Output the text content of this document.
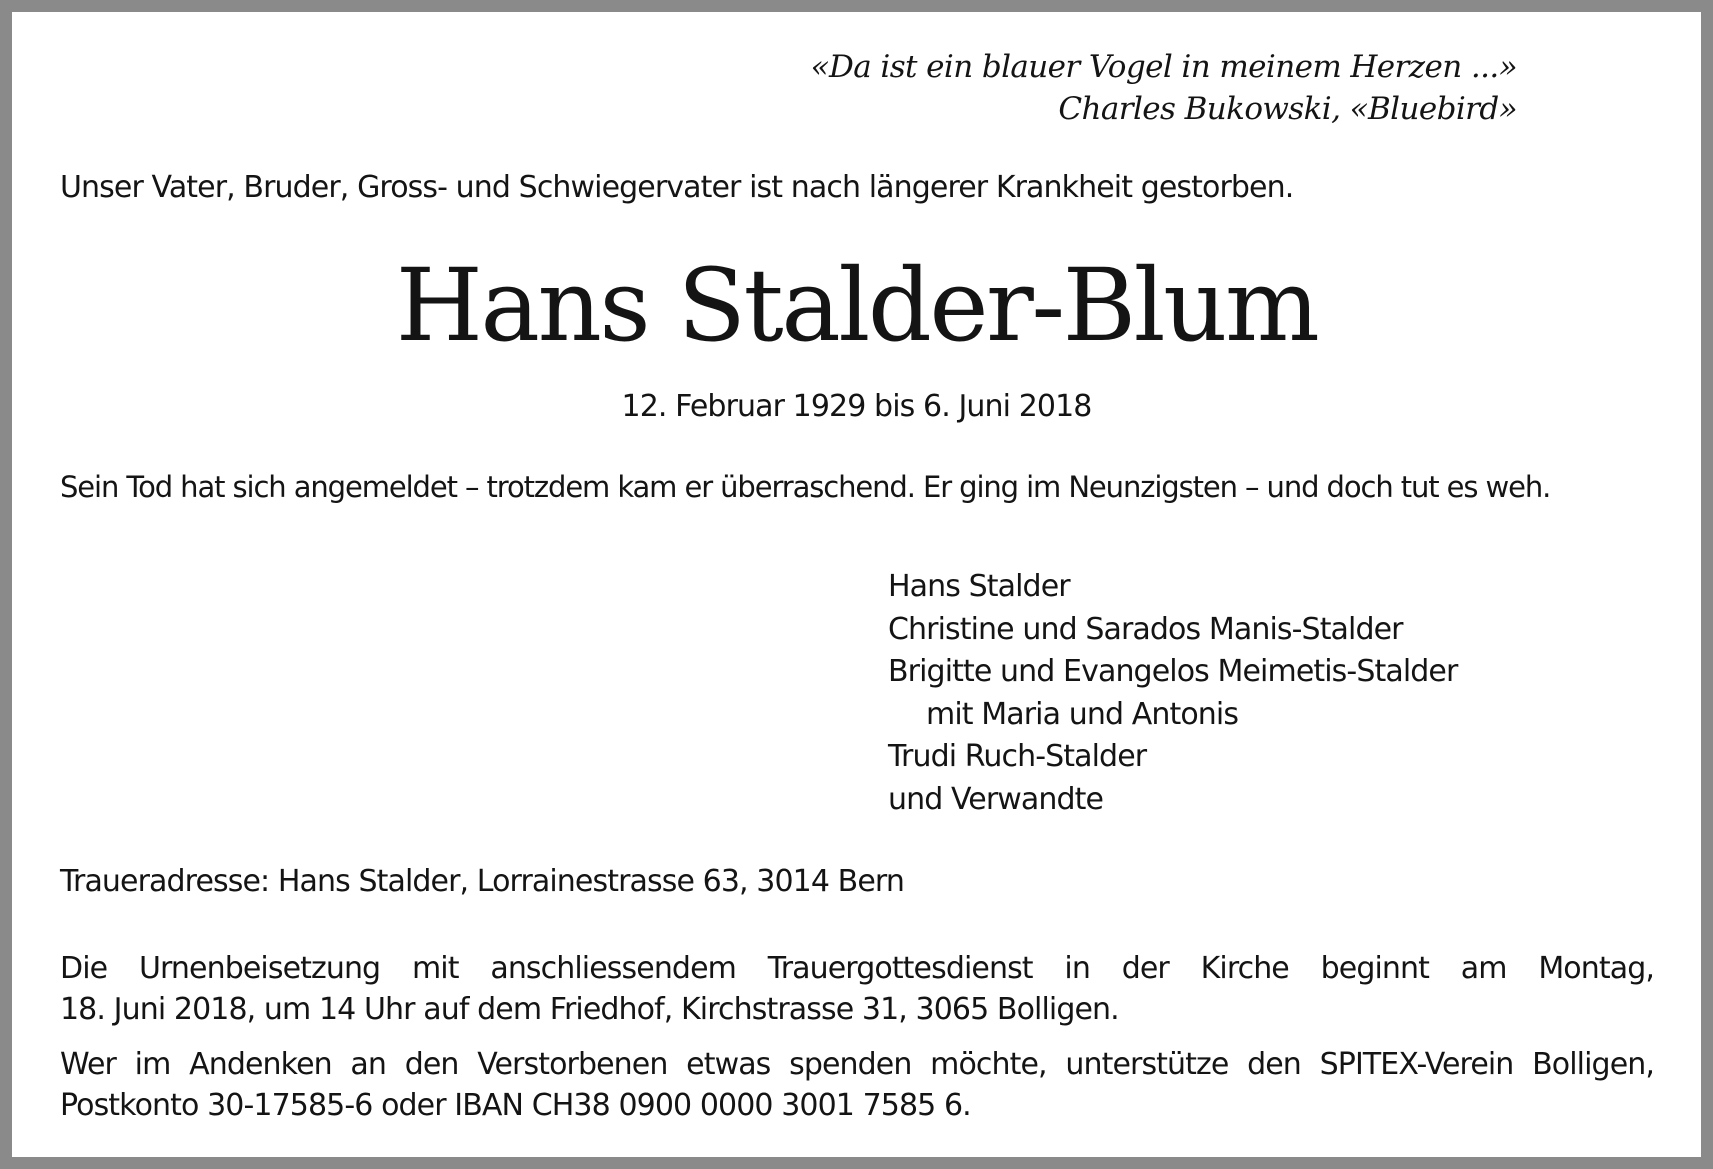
«Da ist ein blauer Vogel in meinem Herzen ...»
Charles Bukowski, «Bluebird»
Unser Vater, Bruder, Gross- und Schwiegervater ist nach längerer Krankheit gestorben.
Hans Stalder-Blum
12. Februar 1929 bis 6. Juni 2018
Sein Tod hat sich angemeldet – trotzdem kam er überraschend. Er ging im Neunzigsten – und doch tut es weh.
Hans Stalder
Christine und Sarados Manis-Stalder
Brigitte und Evangelos Meimetis-Stalder
mit Maria und Antonis
Trudi Ruch-Stalder
und Verwandte
Traueradresse: Hans Stalder, Lorrainestrasse 63, 3014 Bern
Die Urnenbeisetzung mit anschliessendem Trauergottesdienst in der Kirche beginnt am Montag,
18. Juni 2018, um 14 Uhr auf dem Friedhof, Kirchstrasse 31, 3065 Bolligen.
Wer im Andenken an den Verstorbenen etwas spenden möchte, unterstütze den SPITEX-Verein Bolligen,
Postkonto 30-17585-6 oder IBAN CH38 0900 0000 3001 7585 6.
